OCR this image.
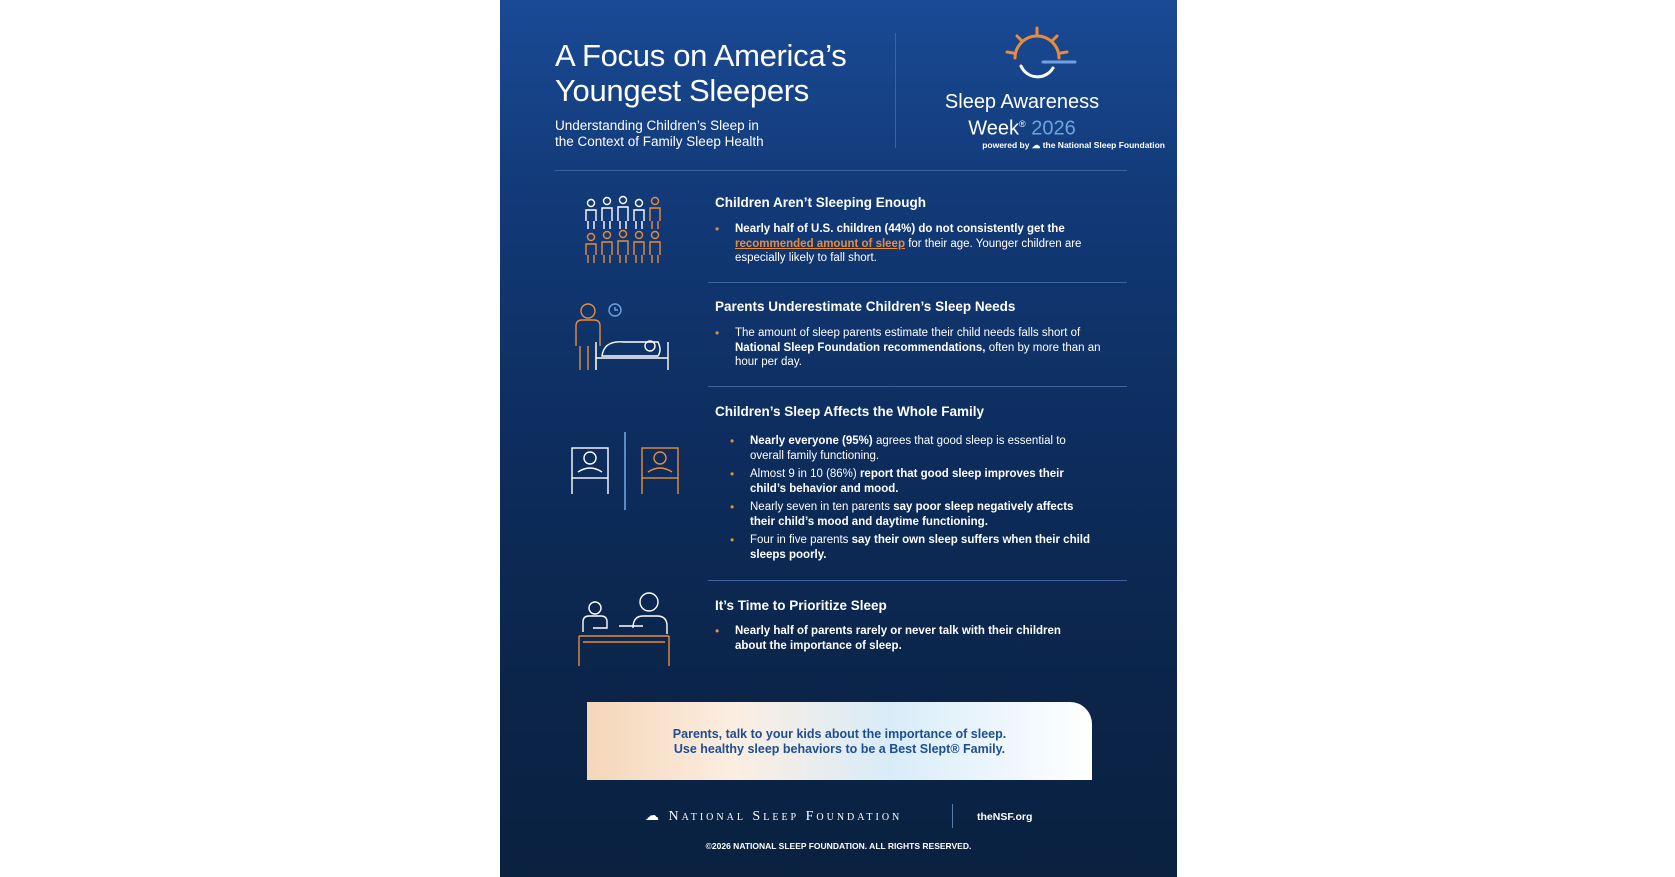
A Focus on America’s
Youngest Sleepers
Understanding Children’s Sleep in
the Context of Family Sleep Health
Sleep Awareness
Week® 2026
powered by ☁ the National Sleep Foundation
Children Aren’t Sleeping Enough
• Nearly half of U.S. children (44%) do not consistently get the recommended amount of sleep for their age. Younger children are especially likely to fall short.
Parents Underestimate Children’s Sleep Needs
• The amount of sleep parents estimate their child needs falls short of National Sleep Foundation recommendations, often by more than an hour per day.
Children’s Sleep Affects the Whole Family
• Nearly everyone (95%) agrees that good sleep is essential to overall family functioning.
• Almost 9 in 10 (86%) report that good sleep improves their child’s behavior and mood.
• Nearly seven in ten parents say poor sleep negatively affects their child’s mood and daytime functioning.
• Four in five parents say their own sleep suffers when their child sleeps poorly.
It’s Time to Prioritize Sleep
• Nearly half of parents rarely or never talk with their children about the importance of sleep.
Parents, talk to your kids about the importance of sleep.
Use healthy sleep behaviors to be a Best Slept® Family.
☁ National Sleep Foundation	theNSF.org
©2026 NATIONAL SLEEP FOUNDATION. ALL RIGHTS RESERVED.
